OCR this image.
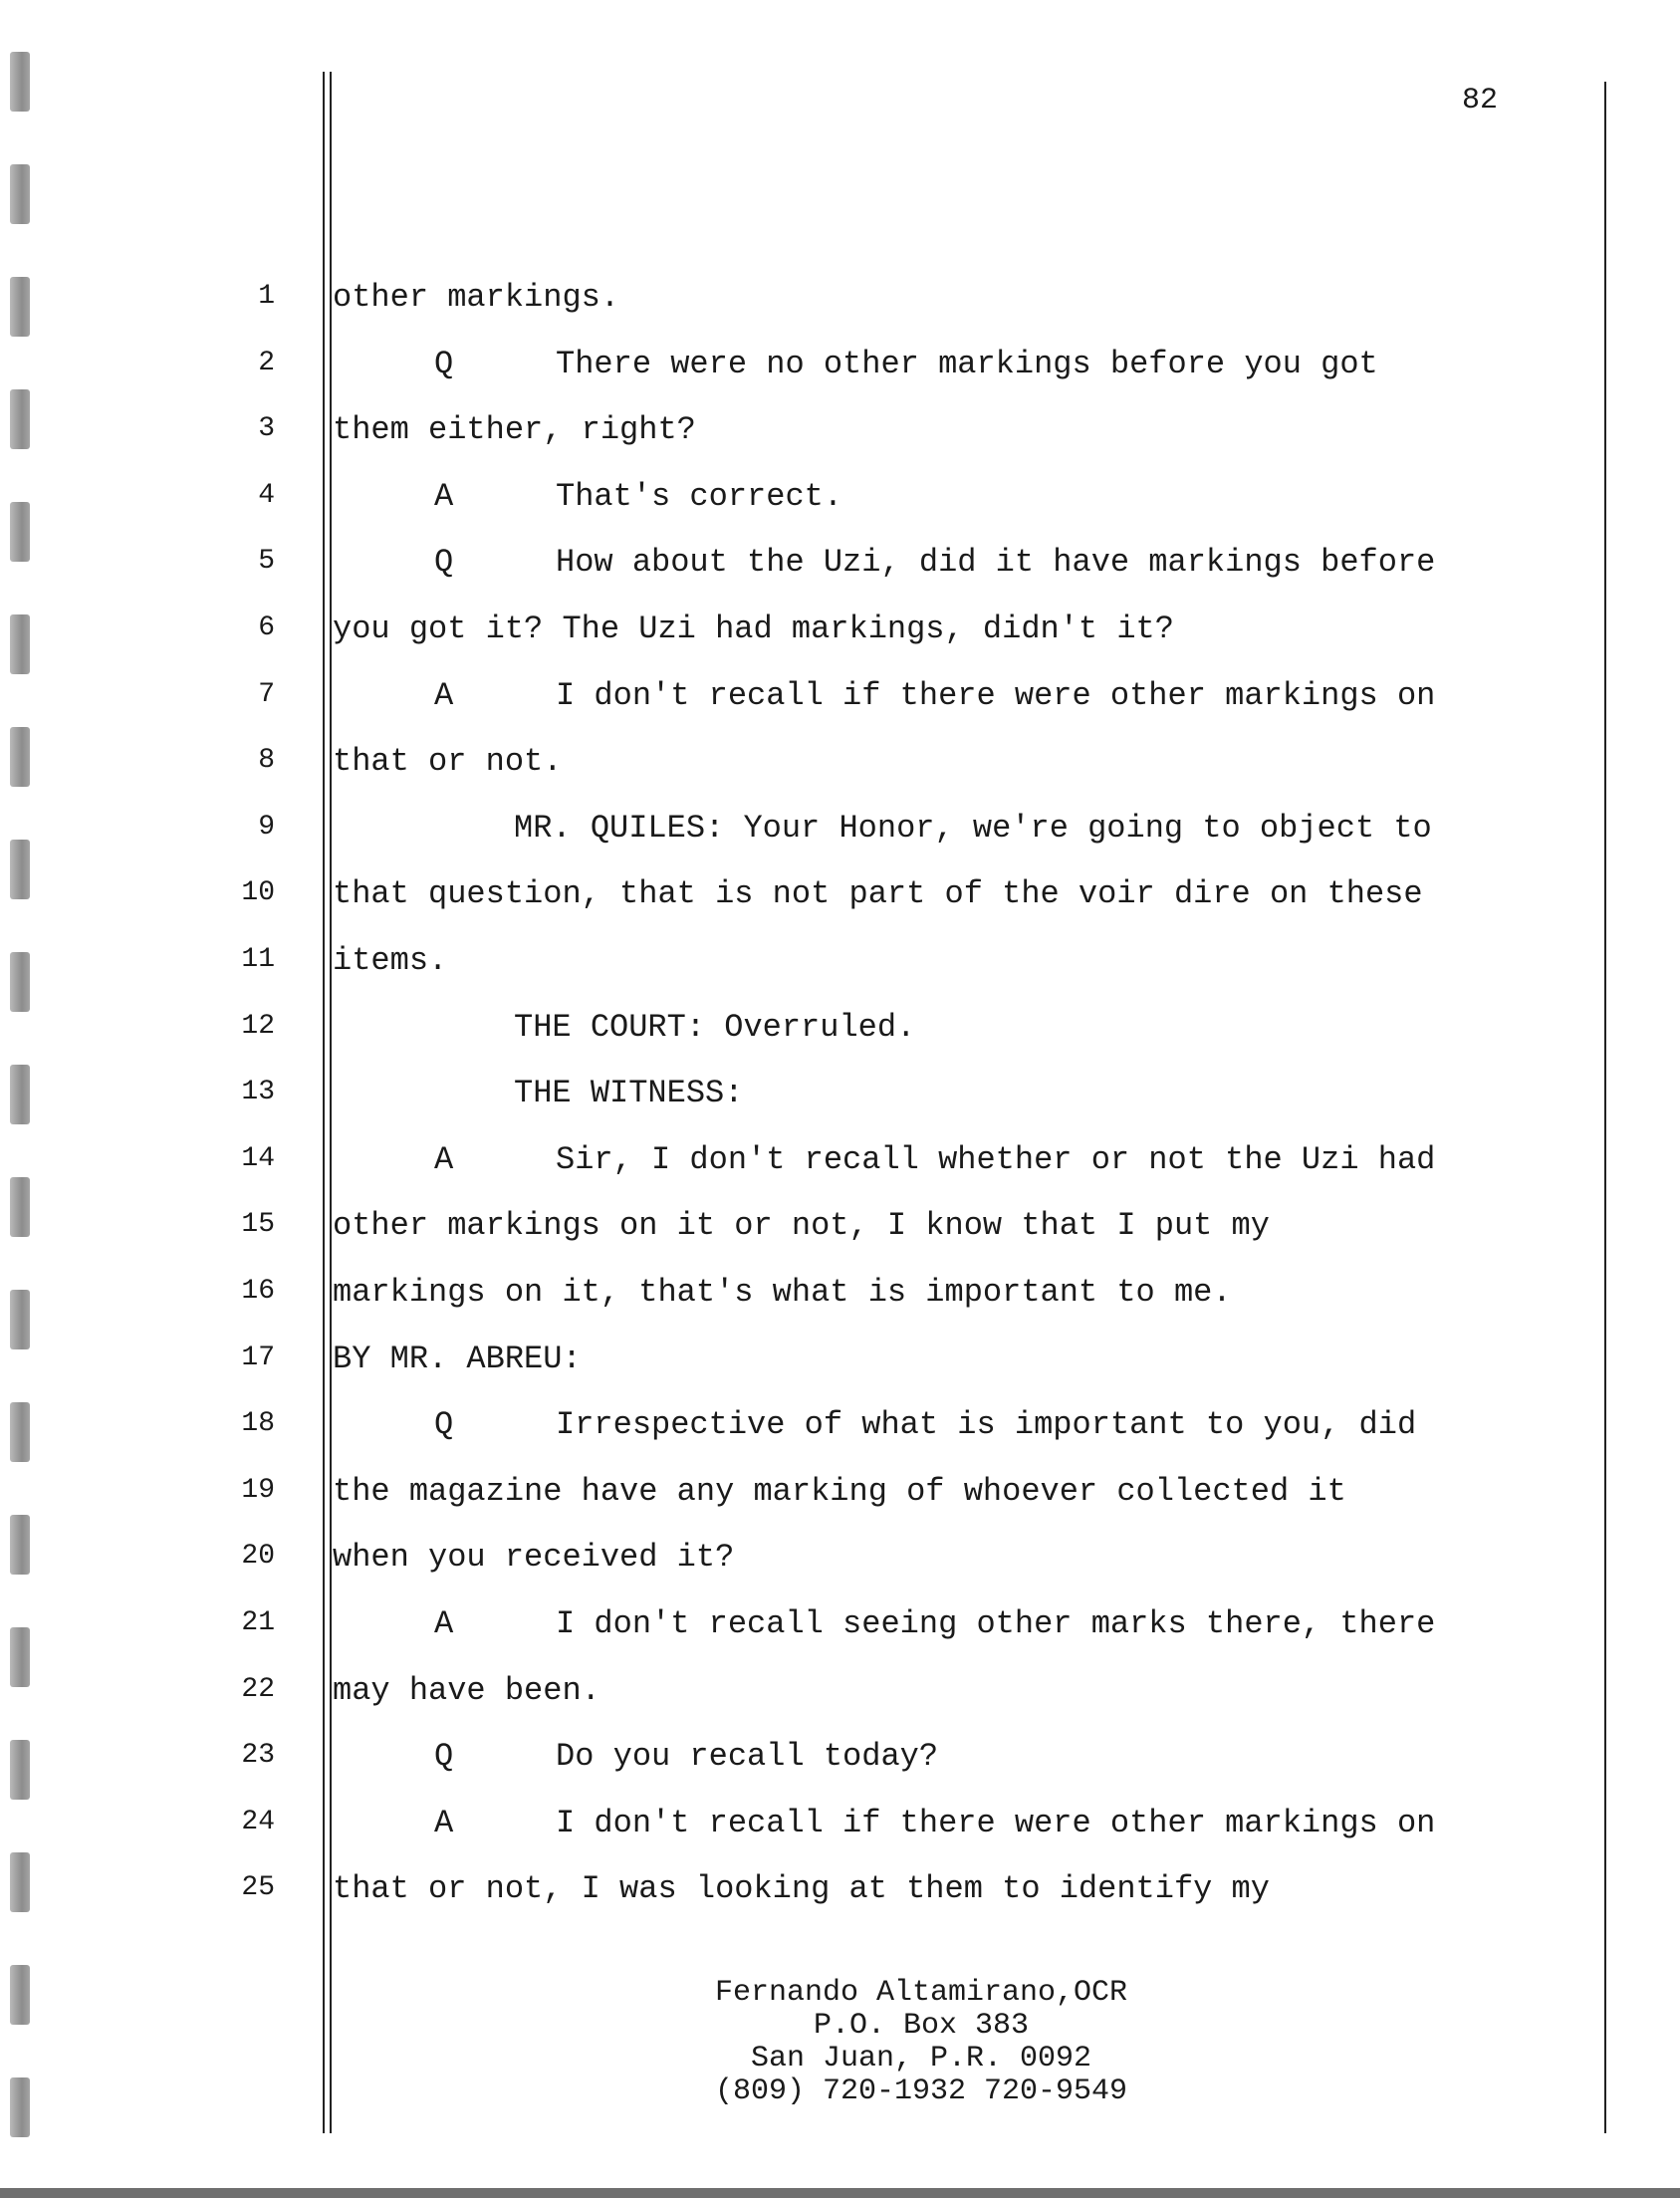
82
1 other markings.
2	Q	There were no other markings before you got
3 them either, right?
4	A	That's correct.
5	Q	How about the Uzi, did it have markings before
6 you got it? The Uzi had markings, didn't it?
7	A	I don't recall if there were other markings on
8 that or not.
9	MR. QUILES: Your Honor, we're going to object to
10 that question, that is not part of the voir dire on these
11 items.
12	THE COURT: Overruled.
13	THE WITNESS:
14	A	Sir, I don't recall whether or not the Uzi had
15 other markings on it or not, I know that I put my
16 markings on it, that's what is important to me.
17 BY MR. ABREU:
18	Q	Irrespective of what is important to you, did
19 the magazine have any marking of whoever collected it
20 when you received it?
21	A	I don't recall seeing other marks there, there
22 may have been.
23	Q	Do you recall today?
24	A	I don't recall if there were other markings on
25 that or not, I was looking at them to identify my
Fernando Altamirano,OCR
P.O. Box 383
San Juan, P.R. 0092
(809) 720-1932 720-9549
